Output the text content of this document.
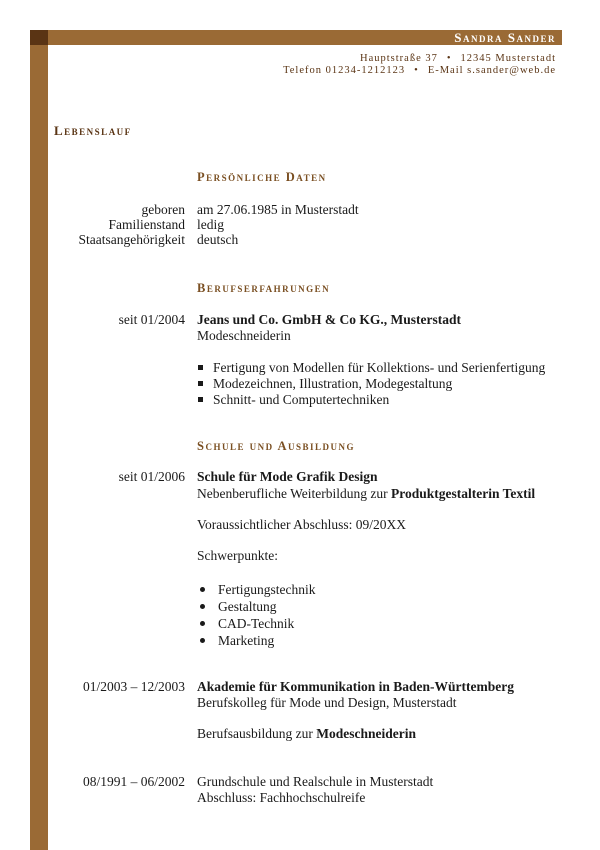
Sandra Sander
Hauptstraße 37 • 12345 Musterstadt
Telefon 01234-1212123 • E-Mail s.sander@web.de
Lebenslauf
Persönliche Daten
geboren am 27.06.1985 in Musterstadt
Familienstand ledig
Staatsangehörigkeit deutsch
Berufserfahrungen
seit 01/2004 Jeans und Co. GmbH & Co KG., Musterstadt
Modeschneiderin
Fertigung von Modellen für Kollektions- und Serienfertigung
Modezeichnen, Illustration, Modegestaltung
Schnitt- und Computertechniken
Schule und Ausbildung
seit 01/2006 Schule für Mode Grafik Design
Nebenberufliche Weiterbildung zur Produktgestalterin Textil
Voraussichtlicher Abschluss: 09/20XX
Schwerpunkte:
Fertigungstechnik
Gestaltung
CAD-Technik
Marketing
01/2003 – 12/2003 Akademie für Kommunikation in Baden-Württemberg
Berufskolleg für Mode und Design, Musterstadt
Berufsausbildung zur Modeschneiderin
08/1991 – 06/2002 Grundschule und Realschule in Musterstadt
Abschluss: Fachhochschulreife
